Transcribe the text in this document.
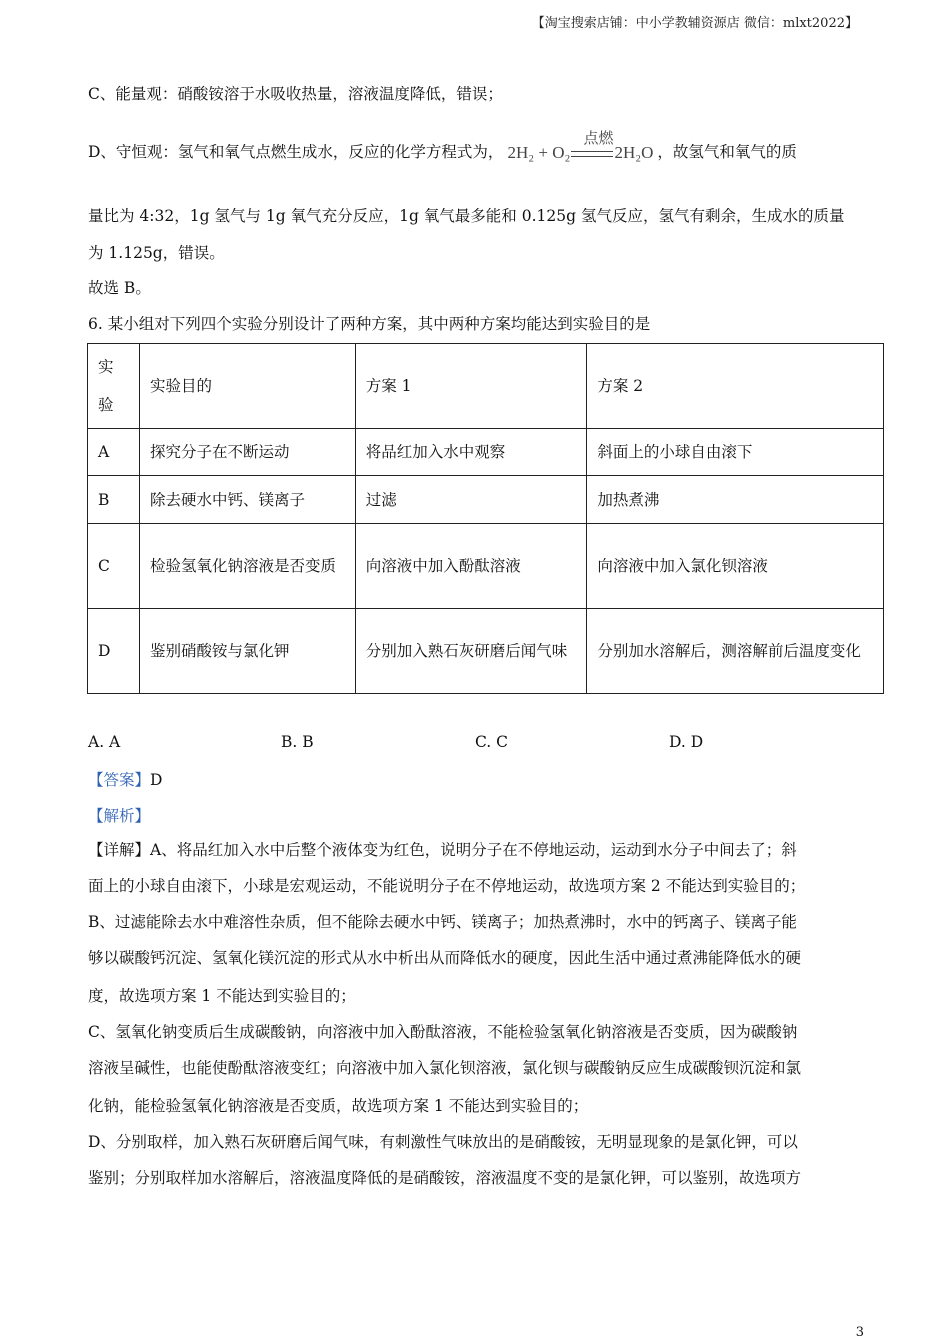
【淘宝搜索店铺：中小学教辅资源店 微信：mlxt2022】
C、能量观：硝酸铵溶于水吸收热量，溶液温度降低，错误；
D、守恒观：氢气和氧气点燃生成水，反应的化学方程式为， 2H₂ + O₂
点燃
2H₂O ，故氢气和氧气的质
量比为 4:32，1g 氢气与 1g 氧气充分反应，1g 氧气最多能和 0.125g 氢气反应，氢气有剩余，生成水的质量
为 1.125g，错误。
故选 B。
6. 某小组对下列四个实验分别设计了两种方案，其中两种方案均能达到实验目的是
实验	实验目的	方案 1	方案 2
A	探究分子在不断运动	将品红加入水中观察	斜面上的小球自由滚下
B	除去硬水中钙、镁离子	过滤	加热煮沸
C	检验氢氧化钠溶液是否变质	向溶液中加入酚酞溶液	向溶液中加入氯化钡溶液
D	鉴别硝酸铵与氯化钾	分别加入熟石灰研磨后闻气味	分别加水溶解后，测溶解前后温度变化
A. A	B. B	C. C	D. D
【答案】D
【解析】
【详解】A、将品红加入水中后整个液体变为红色，说明分子在不停地运动，运动到水分子中间去了；斜
面上的小球自由滚下，小球是宏观运动，不能说明分子在不停地运动，故选项方案 2 不能达到实验目的；
B、过滤能除去水中难溶性杂质，但不能除去硬水中钙、镁离子；加热煮沸时，水中的钙离子、镁离子能
够以碳酸钙沉淀、氢氧化镁沉淀的形式从水中析出从而降低水的硬度，因此生活中通过煮沸能降低水的硬
度，故选项方案 1 不能达到实验目的；
C、氢氧化钠变质后生成碳酸钠，向溶液中加入酚酞溶液，不能检验氢氧化钠溶液是否变质，因为碳酸钠
溶液呈碱性，也能使酚酞溶液变红；向溶液中加入氯化钡溶液，氯化钡与碳酸钠反应生成碳酸钡沉淀和氯
化钠，能检验氢氧化钠溶液是否变质，故选项方案 1 不能达到实验目的；
D、分别取样，加入熟石灰研磨后闻气味，有刺激性气味放出的是硝酸铵，无明显现象的是氯化钾，可以
鉴别；分别取样加水溶解后，溶液温度降低的是硝酸铵，溶液温度不变的是氯化钾，可以鉴别，故选项方
3
